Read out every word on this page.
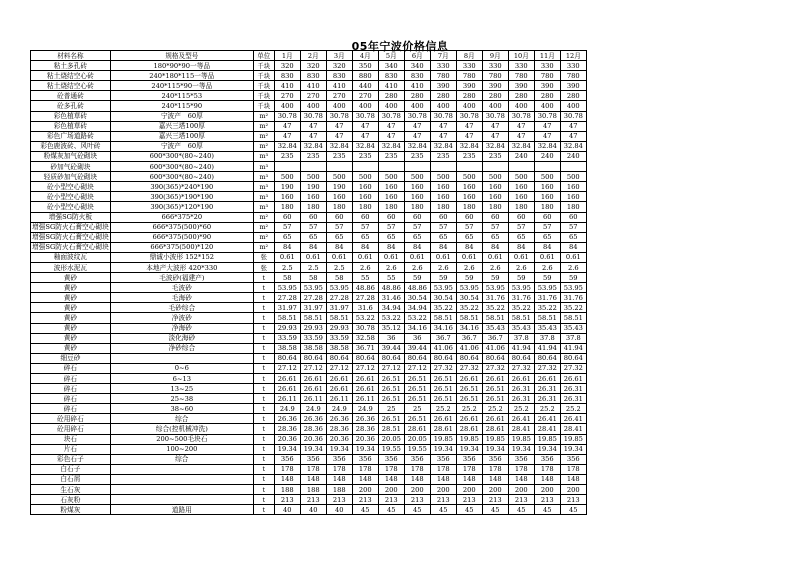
05年宁波价格信息
材料名称	规格及型号	单位	1月	2月	3月	4月	5月	6月	7月	8月	9月	10月	11月	12月
粘土多孔砖	180*90*90一等品	千块	320	320	320	350	340	340	330	330	330	330	330	330
粘土烧结空心砖	240*180*115一等品	千块	830	830	830	880	830	830	780	780	780	780	780	780
粘土烧结空心砖	240*115*90一等品	千块	410	410	410	440	410	410	390	390	390	390	390	390
砼普通砖	240*115*53	千块	270	270	270	270	280	280	280	280	280	280	280	280
砼多孔砖	240*115*90	千块	400	400	400	400	400	400	400	400	400	400	400	400
彩色植草砖	宁波产　60厚	m²	30.78	30.78	30.78	30.78	30.78	30.78	30.78	30.78	30.78	30.78	30.78	30.78
彩色植草砖	嘉兴三塔100厚	m²	47	47	47	47	47	47	47	47	47	47	47	47
彩色广场道路砖	嘉兴三塔100厚	m²	47	47	47	47	47	47	47	47	47	47	47	47
彩色鹿波砖、风叶砖	宁波产　60厚	m²	32.84	32.84	32.84	32.84	32.84	32.84	32.84	32.84	32.84	32.84	32.84	32.84
粉煤灰加气砼砌块	600*300*(80~240)	m³	235	235	235	235	235	235	235	235	235	240	240	240
砂加气砼砌块	600*300*(80~240)	m³												
轻质砂加气砼砌块	600*300*(80~240)	m³	500	500	500	500	500	500	500	500	500	500	500	500
砼小型空心砌块	390(365)*240*190	m³	190	190	190	160	160	160	160	160	160	160	160	160
砼小型空心砌块	390(365)*190*190	m³	160	160	160	160	160	160	160	160	160	160	160	160
砼小型空心砌块	390(365)*120*190	m³	180	180	180	180	180	180	180	180	180	180	180	180
增强SG防火板	666*375*20	m²	60	60	60	60	60	60	60	60	60	60	60	60
增强SG防火石膏空心砌块	666*375(500)*60	m²	57	57	57	57	57	57	57	57	57	57	57	57
增强SG防火石膏空心砌块	666*375(500)*90	m²	65	65	65	65	65	65	65	65	65	65	65	65
增强SG防火石膏空心砌块	666*375(500)*120	m²	84	84	84	84	84	84	84	84	84	84	84	84
釉面波纹瓦	鼎诚小波形 152*152	张	0.61	0.61	0.61	0.61	0.61	0.61	0.61	0.61	0.61	0.61	0.61	0.61
波形水泥瓦	本地产大波形 420*330	张	2.5	2.5	2.5	2.6	2.6	2.6	2.6	2.6	2.6	2.6	2.6	2.6
黄砂	毛波砂(福建产)	t	58	58	58	55	55	59	59	59	59	59	59	59
黄砂	毛波砂	t	53.95	53.95	53.95	48.86	48.86	48.86	53.95	53.95	53.95	53.95	53.95	53.95
黄砂	毛海砂	t	27.28	27.28	27.28	27.28	31.46	30.54	30.54	30.54	31.76	31.76	31.76	31.76
黄砂	毛砂综合	t	31.97	31.97	31.97	31.6	34.94	34.94	35.22	35.22	35.22	35.22	35.22	35.22
黄砂	净波砂	t	58.51	58.51	58.51	53.22	53.22	53.22	58.51	58.51	58.51	58.51	58.51	58.51
黄砂	净海砂	t	29.93	29.93	29.93	30.78	35.12	34.16	34.16	34.16	35.43	35.43	35.43	35.43
黄砂	淡化海砂	t	33.59	33.59	33.59	32.58	36	36	36.7	36.7	36.7	37.8	37.8	37.8
黄砂	净砂综合	t	38.58	38.58	38.58	36.71	39.44	39.44	41.06	41.06	41.06	41.94	41.94	41.94
细豆砂		t	80.64	80.64	80.64	80.64	80.64	80.64	80.64	80.64	80.64	80.64	80.64	80.64
碎石	0~6	t	27.12	27.12	27.12	27.12	27.12	27.12	27.32	27.32	27.32	27.32	27.32	27.32
碎石	6~13	t	26.61	26.61	26.61	26.61	26.51	26.51	26.51	26.61	26.61	26.61	26.61	26.61
碎石	13~25	t	26.61	26.61	26.61	26.61	26.51	26.51	26.51	26.51	26.51	26.31	26.31	26.31
碎石	25~38	t	26.11	26.11	26.11	26.11	26.51	26.51	26.51	26.51	26.51	26.31	26.31	26.31
碎石	38~60	t	24.9	24.9	24.9	24.9	25	25	25.2	25.2	25.2	25.2	25.2	25.2
砼用碎石	综合	t	26.36	26.36	26.36	26.36	26.51	26.51	26.61	26.61	26.61	26.41	26.41	26.41
砼用碎石	综合(控机械冲洗)	t	28.36	28.36	28.36	28.36	28.51	28.61	28.61	28.61	28.61	28.41	28.41	28.41
块石	200~500毛块石	t	20.36	20.36	20.36	20.36	20.05	20.05	19.85	19.85	19.85	19.85	19.85	19.85
片石	100~200	t	19.34	19.34	19.34	19.34	19.55	19.55	19.34	19.34	19.34	19.34	19.34	19.34
彩色石子	综合	t	356	356	356	356	356	356	356	356	356	356	356	356
白石子		t	178	178	178	178	178	178	178	178	178	178	178	178
白石屑		t	148	148	148	148	148	148	148	148	148	148	148	148
生石灰		t	188	188	188	200	200	200	200	200	200	200	200	200
石灰粉		t	213	213	213	213	213	213	213	213	213	213	213	213
粉煤灰	道路用	t	40	40	40	45	45	45	45	45	45	45	45	45
